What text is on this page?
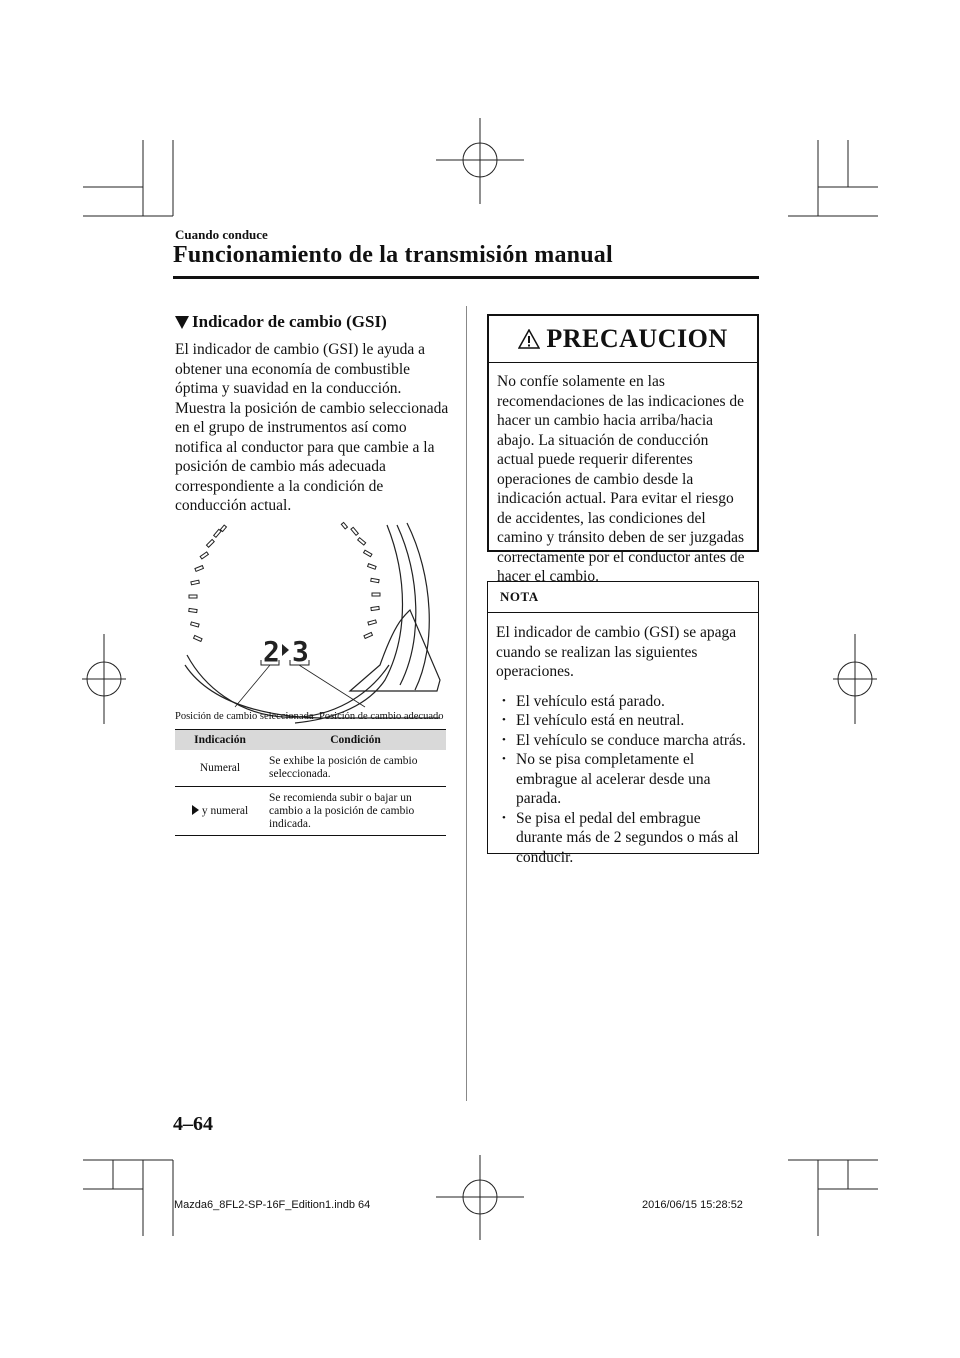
Cuando conduce
Funcionamiento de la transmisión manual
Indicador de cambio (GSI)
El indicador de cambio (GSI) le ayuda a obtener una economía de combustible óptima y suavidad en la conducción. Muestra la posición de cambio seleccionada en el grupo de instrumentos así como notifica al conductor para que cambie a la posición de cambio más adecuada correspondiente a la condición de conducción actual.
2 3
Posición de cambio seleccionada Posición de cambio adecuado
Indicación	Condición
Numeral	Se exhibe la posición de cambio seleccionada.
y numeral	Se recomienda subir o bajar un cambio a la posición de cambio indicada.
PRECAUCION
No confíe solamente en las recomendaciones de las indicaciones de hacer un cambio hacia arriba/hacia abajo. La situación de conducción actual puede requerir diferentes operaciones de cambio desde la indicación actual. Para evitar el riesgo de accidentes, las condiciones del camino y tránsito deben de ser juzgadas correctamente por el conductor antes de hacer el cambio.
NOTA
El indicador de cambio (GSI) se apaga cuando se realizan las siguientes operaciones.
• El vehículo está parado.
• El vehículo está en neutral.
• El vehículo se conduce marcha atrás.
• No se pisa completamente el embrague al acelerar desde una parada.
• Se pisa el pedal del embrague durante más de 2 segundos o más al conducir.
4–64
Mazda6_8FL2-SP-16F_Edition1.indb 64	2016/06/15 15:28:52
